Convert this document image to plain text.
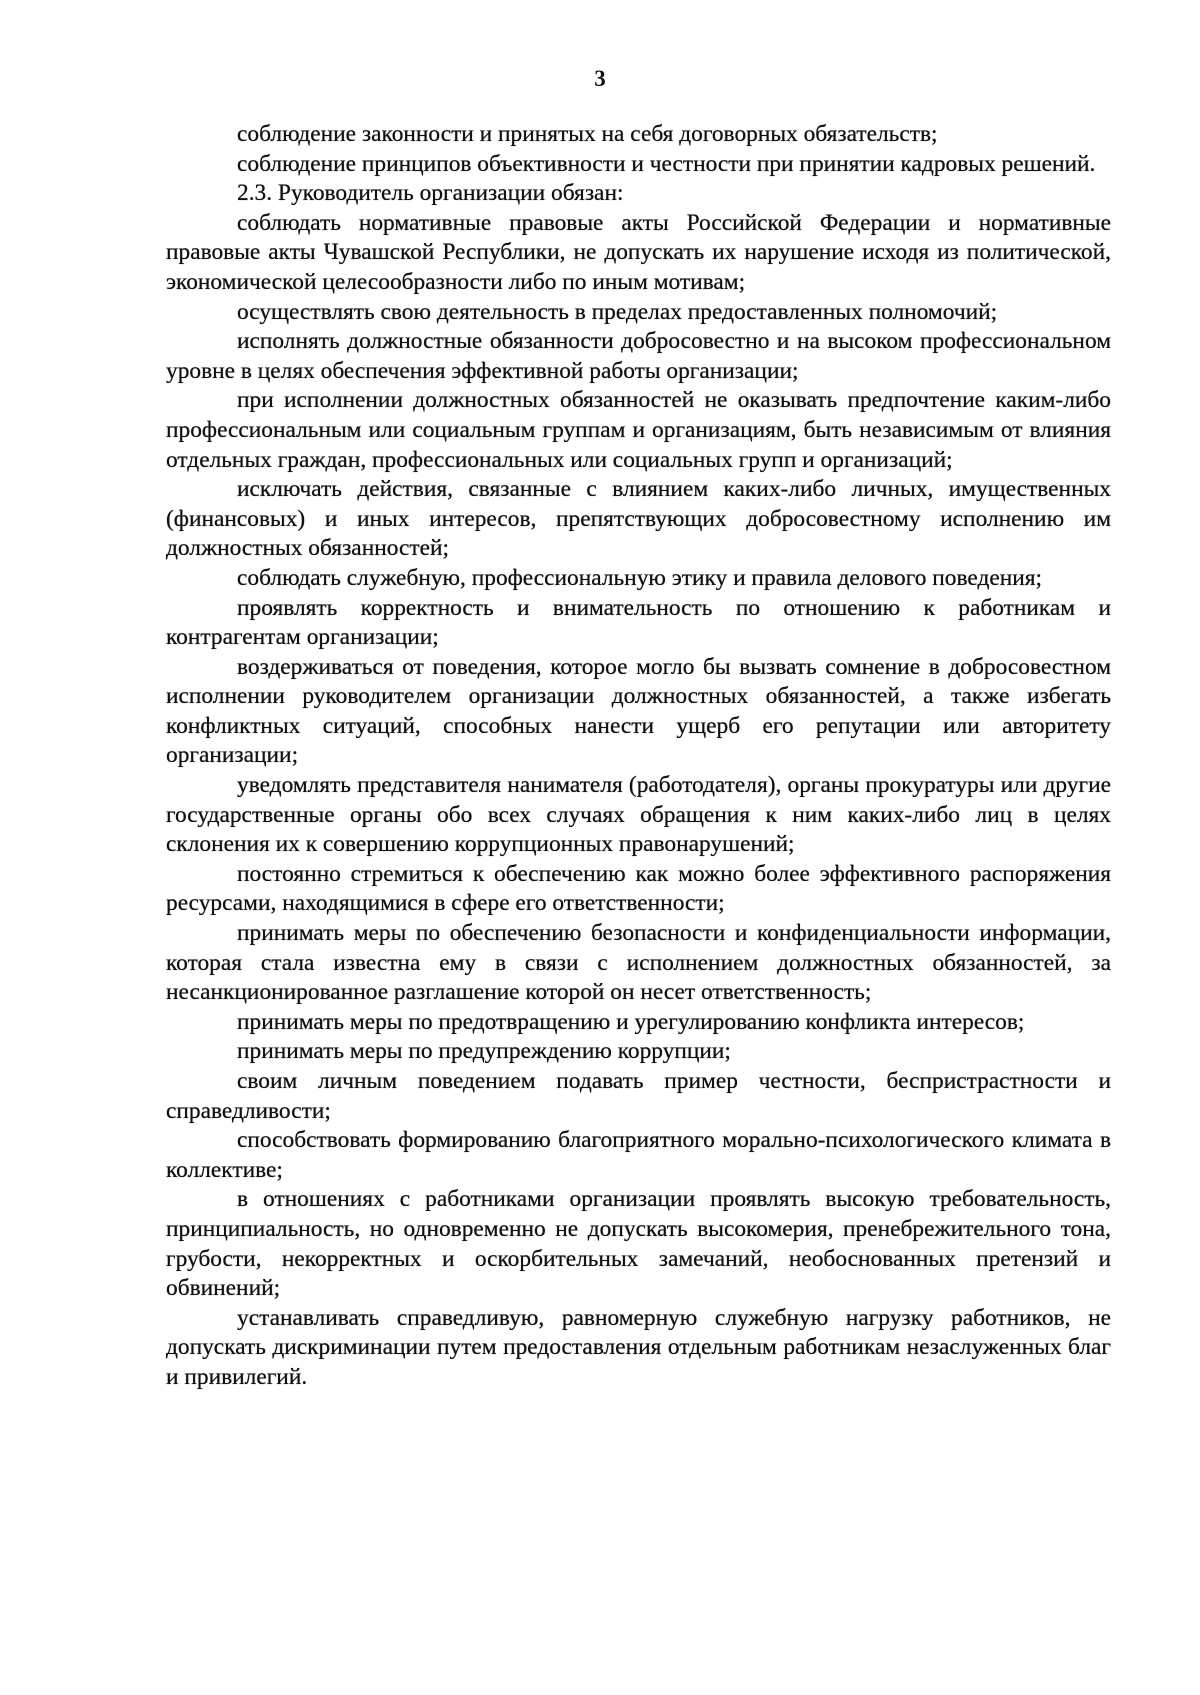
3

соблюдение законности и принятых на себя договорных обязательств;

соблюдение принципов объективности и честности при принятии кадровых решений.

2.3. Руководитель организации обязан:

соблюдать нормативные правовые акты Российской Федерации и нормативные правовые акты Чувашской Республики, не допускать их нарушение исходя из политической, экономической целесообразности либо по иным мотивам;

осуществлять свою деятельность в пределах предоставленных полномочий;

исполнять должностные обязанности добросовестно и на высоком профессиональном уровне в целях обеспечения эффективной работы организации;

при исполнении должностных обязанностей не оказывать предпочтение каким-либо профессиональным или социальным группам и организациям, быть независимым от влияния отдельных граждан, профессиональных или социальных групп и организаций;

исключать действия, связанные с влиянием каких-либо личных, имущественных (финансовых) и иных интересов, препятствующих добросовестному исполнению им должностных обязанностей;

соблюдать служебную, профессиональную этику и правила делового поведения;

проявлять корректность и внимательность по отношению к работникам и контрагентам организации;

воздерживаться от поведения, которое могло бы вызвать сомнение в добросовестном исполнении руководителем организации должностных обязанностей, а также избегать конфликтных ситуаций, способных нанести ущерб его репутации или авторитету организации;

уведомлять представителя нанимателя (работодателя), органы прокуратуры или другие государственные органы обо всех случаях обращения к ним каких-либо лиц в целях склонения их к совершению коррупционных правонарушений;

постоянно стремиться к обеспечению как можно более эффективного распоряжения ресурсами, находящимися в сфере его ответственности;

принимать меры по обеспечению безопасности и конфиденциальности информации, которая стала известна ему в связи с исполнением должностных обязанностей, за несанкционированное разглашение которой он несет ответственность;

принимать меры по предотвращению и урегулированию конфликта интересов;

принимать меры по предупреждению коррупции;

своим личным поведением подавать пример честности, беспристрастности и справедливости;

способствовать формированию благоприятного морально-психологического климата в коллективе;

в отношениях с работниками организации проявлять высокую требовательность, принципиальность, но одновременно не допускать высокомерия, пренебрежительного тона, грубости, некорректных и оскорбительных замечаний, необоснованных претензий и обвинений;

устанавливать справедливую, равномерную служебную нагрузку работников, не допускать дискриминации путем предоставления отдельным работникам незаслуженных благ и привилегий.
